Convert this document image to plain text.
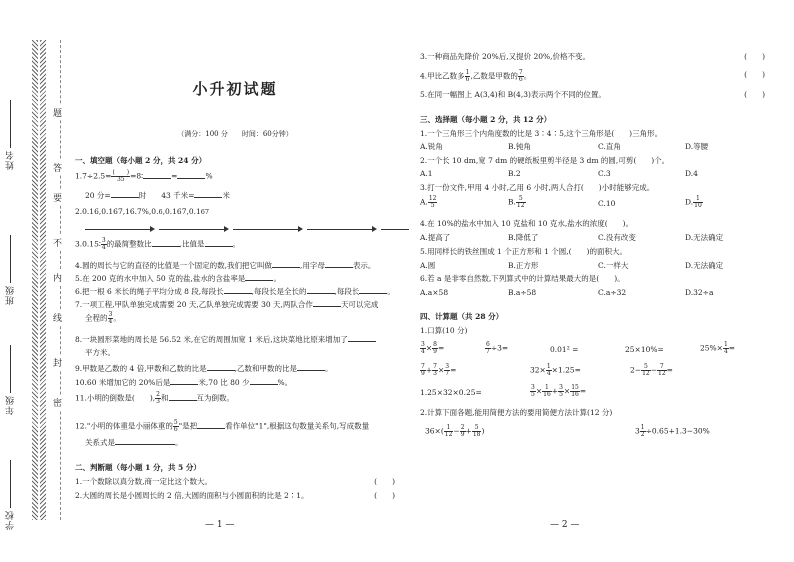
姓名
班级
年级
学校
题
答
要
不
内
线
封
密
小升初试题
（满分：100 分　　时间：60分钟）
一、填空题（每小题 2 分，共 24 分）
$1.7\div 2.5= \frac{( )}{35}$ =8∶	=	%
20 分=	时　　43 千米=	米
2.0.16,0.167,16.7%,0.6,0.167,0.167
3.0.15∶ $\frac{3}{4}$ 的最简整数比	,比值是	。
4.圆的周长与它的直径的比值是一个固定的数,我们把它叫做	,用字母	表示。
5.在 200 克的水中加入 50 克的盐,盐水的含盐率是	。
6.把一根 6 米长的绳子平均分成 8 段,每段长	,每段长是全长的	,每段长	。
7.一项工程,甲队单独完成需要 20 天,乙队单独完成需要 30 天,两队合作	天可以完成
全程的 $\frac{3}{4}$ 。
8.一块圆形菜地的周长是 56.52 米,在它的周围加宽 1 米后,这块菜地比原来增加了
平方米。
9.甲数是乙数的 4 倍,甲数和乙数的比是	,乙数和甲数的比是	。
10.60 米增加它的 20%后是	米,70 比 80 少	%。
11.小明的倒数是(　　), $\frac{2}{3}$ 和	互为倒数。
12."小明的体重是小丽体重的 $\frac{5}{6}$ "是把	看作单位"1",根据这句数量关系句,写成数量
关系式是	。
二、判断题（每小题 1 分，共 5 分）
1.一个数除以真分数,商一定比这个数大。	(　　)
2.大圆的周长是小圆周长的 2 倍,大圆的面积与小圆面积的比是 2∶1。	(　　)
— 1 —
3.一种商品先降价 20%后,又提价 20%,价格不变。	(　　)
4.甲比乙数多 $\frac{1}{6}$ ,乙数是甲数的 $\frac{7}{6}$ 。	(　　)
5.在同一幅图上 A(3,4)和 B(4,3)表示两个不同的位置。	(　　)
三、选择题（每小题 2 分，共 12 分）
1.一个三角形三个内角度数的比是 3∶4∶5,这个三角形是(　　)三角形。
A.锐角	B.钝角	C.直角	D.等腰
2.一个长 10 dm,宽 7 dm 的硬纸板里剪半径是 3 dm 的圆,可剪(　　)个。
A.1	B.2	C.3	D.4
3.打一份文件,甲用 4 小时,乙用 6 小时,两人合打(　　)小时能够完成。
A. $\frac{12}{5}$	B. $\frac{5}{12}$	C.10	D. $\frac{1}{10}$
4.在 10%的盐水中加入 10 克盐和 10 克水,盐水的浓度(　　)。
A.提高了	B.降低了	C.没有改变	D.无法确定
5.用同样长的铁丝围成 1 个正方形和 1 个圆,(　　)的面积大。
A.圆	B.正方形	C.一样大	D.无法确定
6.若 a 是非零自然数,下列算式中的计算结果最大的是(　　)。
A.a×58	B.a÷58	C.a÷32	D.32÷a
四、计算题（共 28 分）
1.口算(10 分)
$\frac{3}{4} \times \frac{8}{9}$ =	$\frac{6}{7} \div 3=$	0.01² =	25×10%=	$25\%\times \frac{1}{4}$ =
$\frac{7}{9} + \frac{7}{3} \times \frac{3}{7}$ =	$32\times \frac{1}{4} \times 1.25=$	$2- \frac{5}{12} - \frac{7}{12}$ =
1.25×32×0.25=	$\frac{3}{5} \times \frac{1}{16} + \frac{3}{5} \times \frac{15}{16}$ =
2.计算下面各题,能用简便方法的要用简便方法计算(12 分)
$36\times( \frac{1}{12} - \frac{2}{9} + \frac{5}{18}$ )	$3 \frac{1}{2} \div 0.65+1.3-30\%$
— 2 —
